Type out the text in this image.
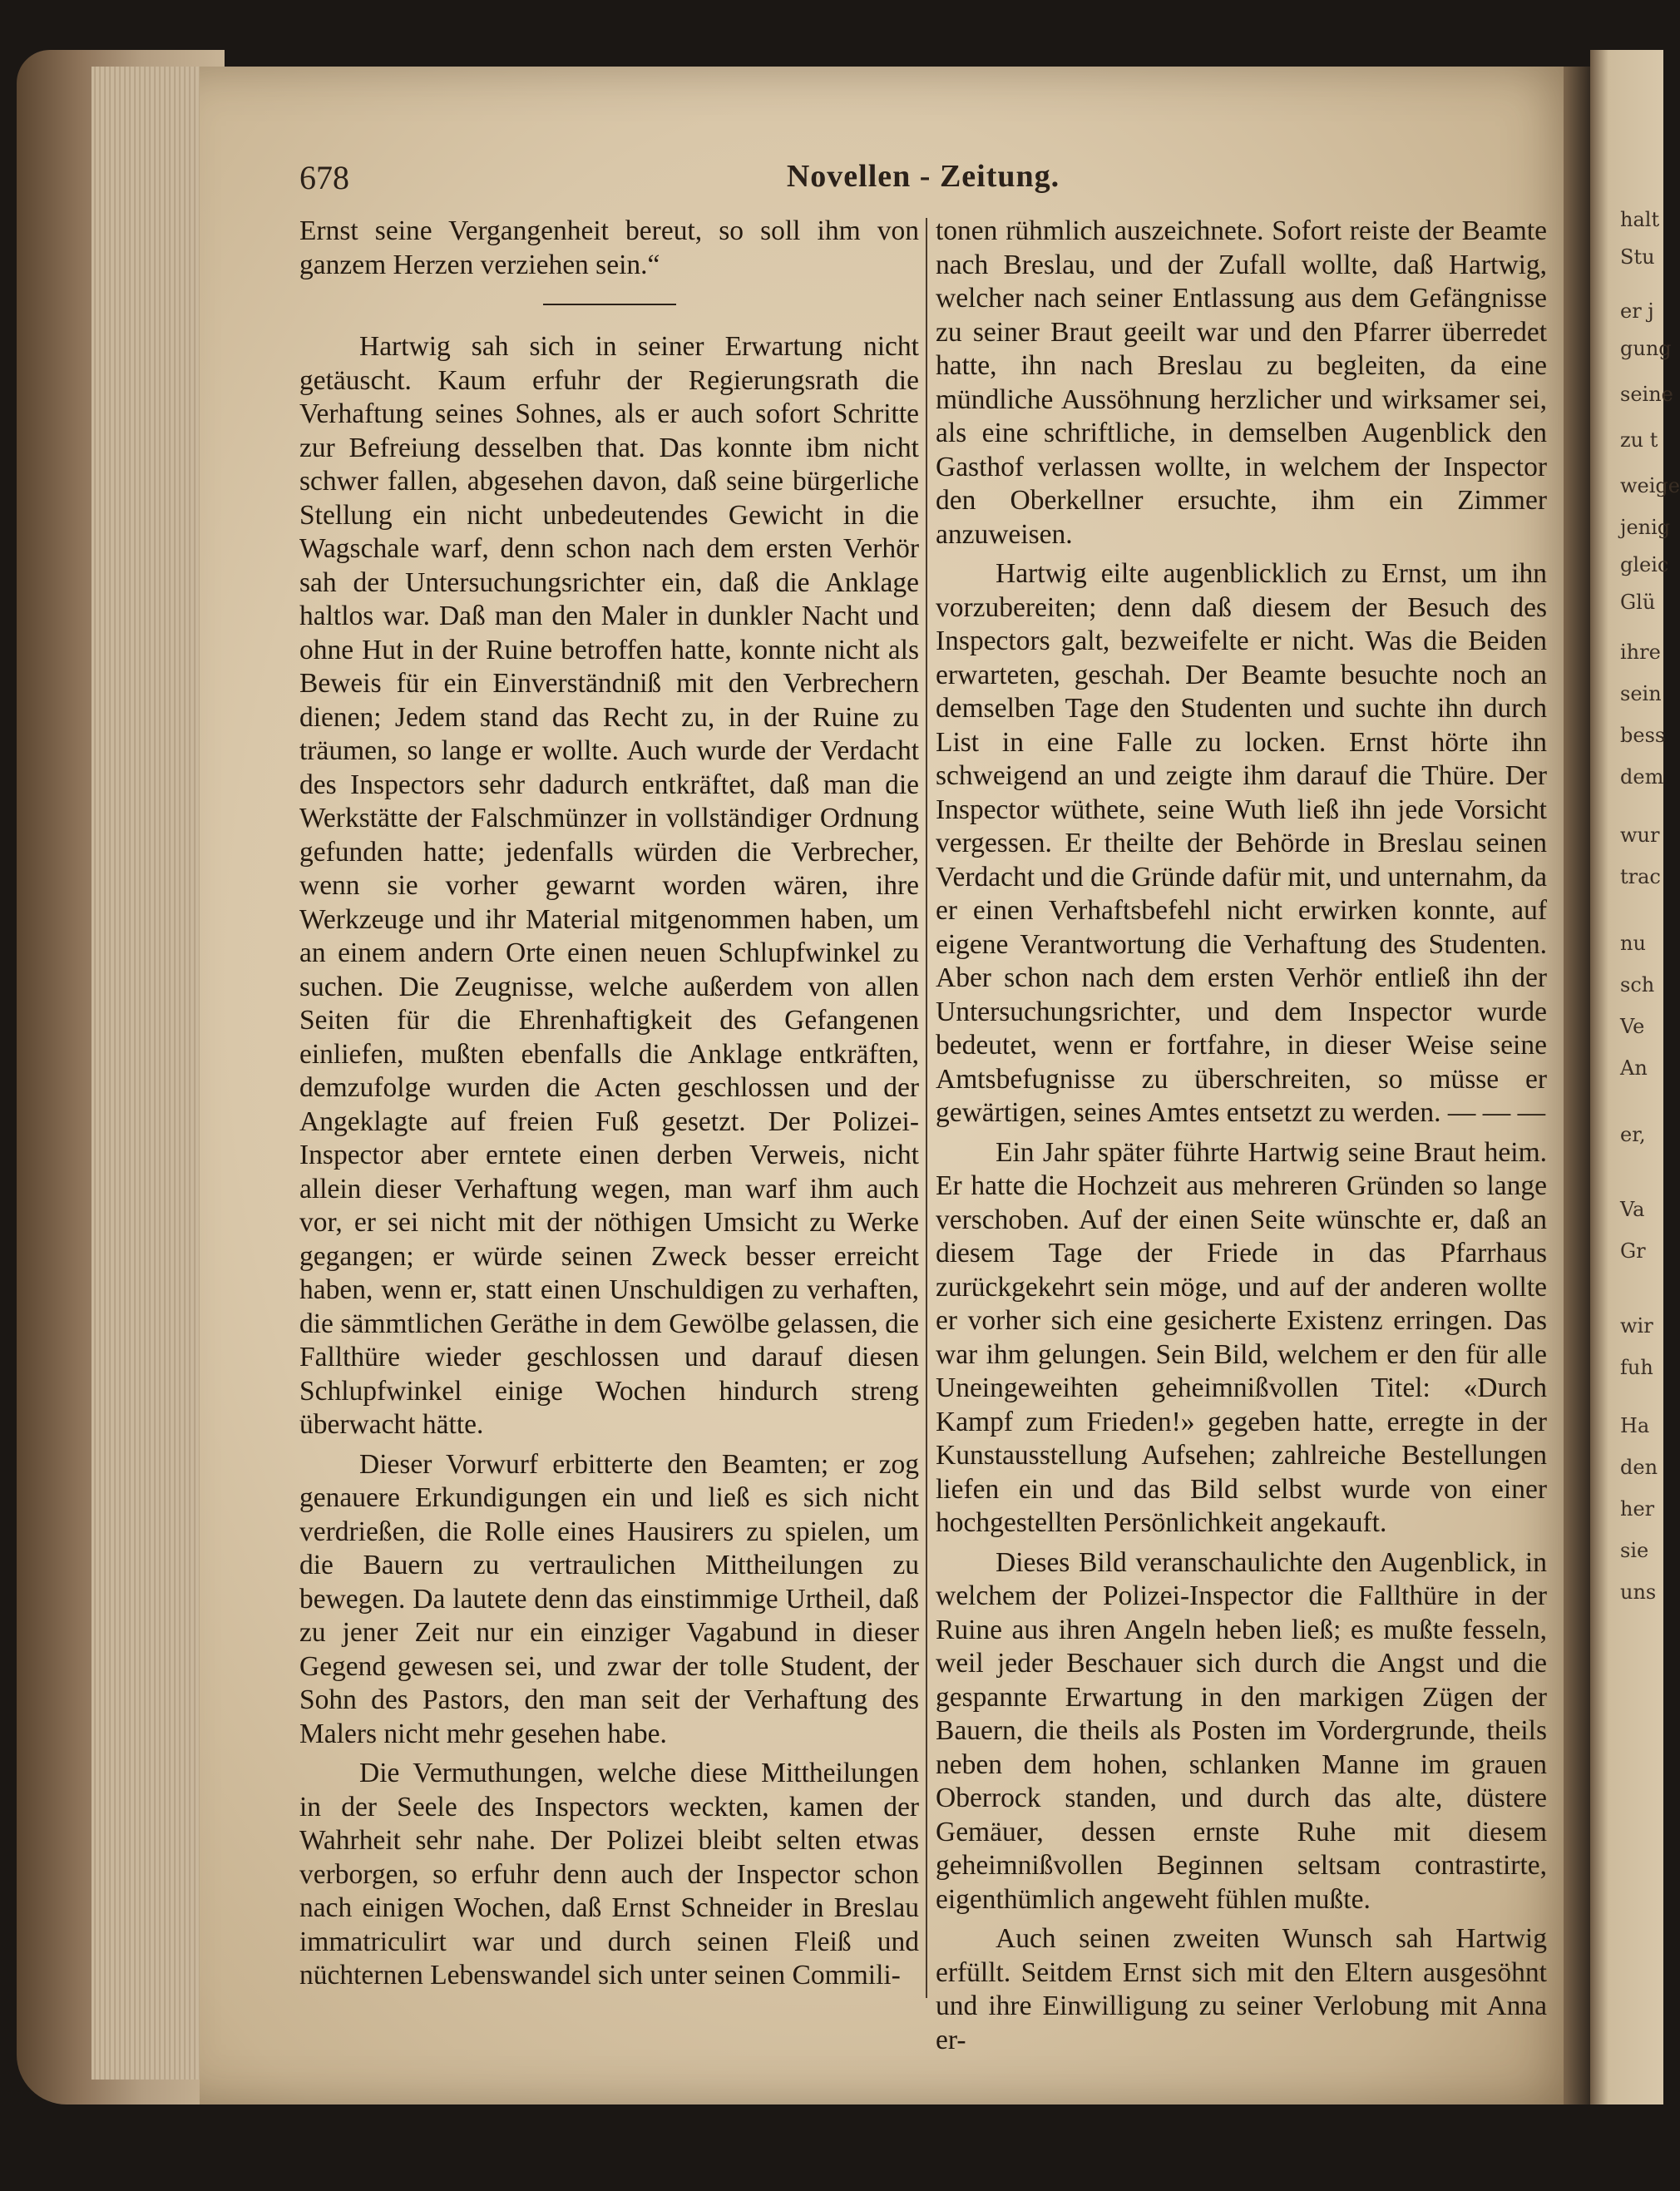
halt
Stu
er j
gung
seine
zu t
weige
jenig
gleic
Glü
ihre
sein
bess
dem
wur
trac
nu
sch
Ve
An
er,
Va
Gr
wir
fuh
Ha
den
her
sie
uns
678	Novellen - Zeitung.

Ernst seine Vergangenheit bereut, so soll ihm von ganzem Herzen verziehen sein.“

Hartwig sah sich in seiner Erwartung nicht getäuscht. Kaum erfuhr der Regierungsrath die Verhaftung seines Sohnes, als er auch sofort Schritte zur Befreiung desselben that. Das konnte ibm nicht schwer fallen, abgesehen davon, daß seine bürgerliche Stellung ein nicht unbedeutendes Gewicht in die Wagschale warf, denn schon nach dem ersten Verhör sah der Untersuchungsrichter ein, daß die Anklage haltlos war. Daß man den Maler in dunkler Nacht und ohne Hut in der Ruine betroffen hatte, konnte nicht als Beweis für ein Einverständniß mit den Verbrechern dienen; Jedem stand das Recht zu, in der Ruine zu träumen, so lange er wollte. Auch wurde der Verdacht des Inspectors sehr dadurch entkräftet, daß man die Werkstätte der Falschmünzer in vollständiger Ordnung gefunden hatte; jedenfalls würden die Verbrecher, wenn sie vorher gewarnt worden wären, ihre Werkzeuge und ihr Material mitgenommen haben, um an einem andern Orte einen neuen Schlupfwinkel zu suchen. Die Zeugnisse, welche außerdem von allen Seiten für die Ehrenhaftigkeit des Gefangenen einliefen, mußten ebenfalls die Anklage entkräften, demzufolge wurden die Acten geschlossen und der Angeklagte auf freien Fuß gesetzt. Der Polizei-Inspector aber erntete einen derben Verweis, nicht allein dieser Verhaftung wegen, man warf ihm auch vor, er sei nicht mit der nöthigen Umsicht zu Werke gegangen; er würde seinen Zweck besser erreicht haben, wenn er, statt einen Unschuldigen zu verhaften, die sämmtlichen Geräthe in dem Gewölbe gelassen, die Fallthüre wieder geschlossen und darauf diesen Schlupfwinkel einige Wochen hindurch streng überwacht hätte.

Dieser Vorwurf erbitterte den Beamten; er zog genauere Erkundigungen ein und ließ es sich nicht verdrießen, die Rolle eines Hausirers zu spielen, um die Bauern zu vertraulichen Mittheilungen zu bewegen. Da lautete denn das einstimmige Urtheil, daß zu jener Zeit nur ein einziger Vagabund in dieser Gegend gewesen sei, und zwar der tolle Student, der Sohn des Pastors, den man seit der Verhaftung des Malers nicht mehr gesehen habe.

Die Vermuthungen, welche diese Mittheilungen in der Seele des Inspectors weckten, kamen der Wahrheit sehr nahe. Der Polizei bleibt selten etwas verborgen, so erfuhr denn auch der Inspector schon nach einigen Wochen, daß Ernst Schneider in Breslau immatriculirt war und durch seinen Fleiß und nüchternen Lebenswandel sich unter seinen Commili-

tonen rühmlich auszeichnete. Sofort reiste der Beamte nach Breslau, und der Zufall wollte, daß Hartwig, welcher nach seiner Entlassung aus dem Gefängnisse zu seiner Braut geeilt war und den Pfarrer überredet hatte, ihn nach Breslau zu begleiten, da eine mündliche Aussöhnung herzlicher und wirksamer sei, als eine schriftliche, in demselben Augenblick den Gasthof verlassen wollte, in welchem der Inspector den Oberkellner ersuchte, ihm ein Zimmer anzuweisen.

Hartwig eilte augenblicklich zu Ernst, um ihn vorzubereiten; denn daß diesem der Besuch des Inspectors galt, bezweifelte er nicht. Was die Beiden erwarteten, geschah. Der Beamte besuchte noch an demselben Tage den Studenten und suchte ihn durch List in eine Falle zu locken. Ernst hörte ihn schweigend an und zeigte ihm darauf die Thüre. Der Inspector wüthete, seine Wuth ließ ihn jede Vorsicht vergessen. Er theilte der Behörde in Breslau seinen Verdacht und die Gründe dafür mit, und unternahm, da er einen Verhaftsbefehl nicht erwirken konnte, auf eigene Verantwortung die Verhaftung des Studenten. Aber schon nach dem ersten Verhör entließ ihn der Untersuchungsrichter, und dem Inspector wurde bedeutet, wenn er fortfahre, in dieser Weise seine Amtsbefugnisse zu überschreiten, so müsse er gewärtigen, seines Amtes entsetzt zu werden. — — —

Ein Jahr später führte Hartwig seine Braut heim. Er hatte die Hochzeit aus mehreren Gründen so lange verschoben. Auf der einen Seite wünschte er, daß an diesem Tage der Friede in das Pfarrhaus zurückgekehrt sein möge, und auf der anderen wollte er vorher sich eine gesicherte Existenz erringen. Das war ihm gelungen. Sein Bild, welchem er den für alle Uneingeweihten geheimnißvollen Titel: «Durch Kampf zum Frieden!» gegeben hatte, erregte in der Kunstausstellung Aufsehen; zahlreiche Bestellungen liefen ein und das Bild selbst wurde von einer hochgestellten Persönlichkeit angekauft.

Dieses Bild veranschaulichte den Augenblick, in welchem der Polizei-Inspector die Fallthüre in der Ruine aus ihren Angeln heben ließ; es mußte fesseln, weil jeder Beschauer sich durch die Angst und die gespannte Erwartung in den markigen Zügen der Bauern, die theils als Posten im Vordergrunde, theils neben dem hohen, schlanken Manne im grauen Oberrock standen, und durch das alte, düstere Gemäuer, dessen ernste Ruhe mit diesem geheimnißvollen Beginnen seltsam contrastirte, eigenthümlich angeweht fühlen mußte.

Auch seinen zweiten Wunsch sah Hartwig erfüllt. Seitdem Ernst sich mit den Eltern ausgesöhnt und ihre Einwilligung zu seiner Verlobung mit Anna er-
